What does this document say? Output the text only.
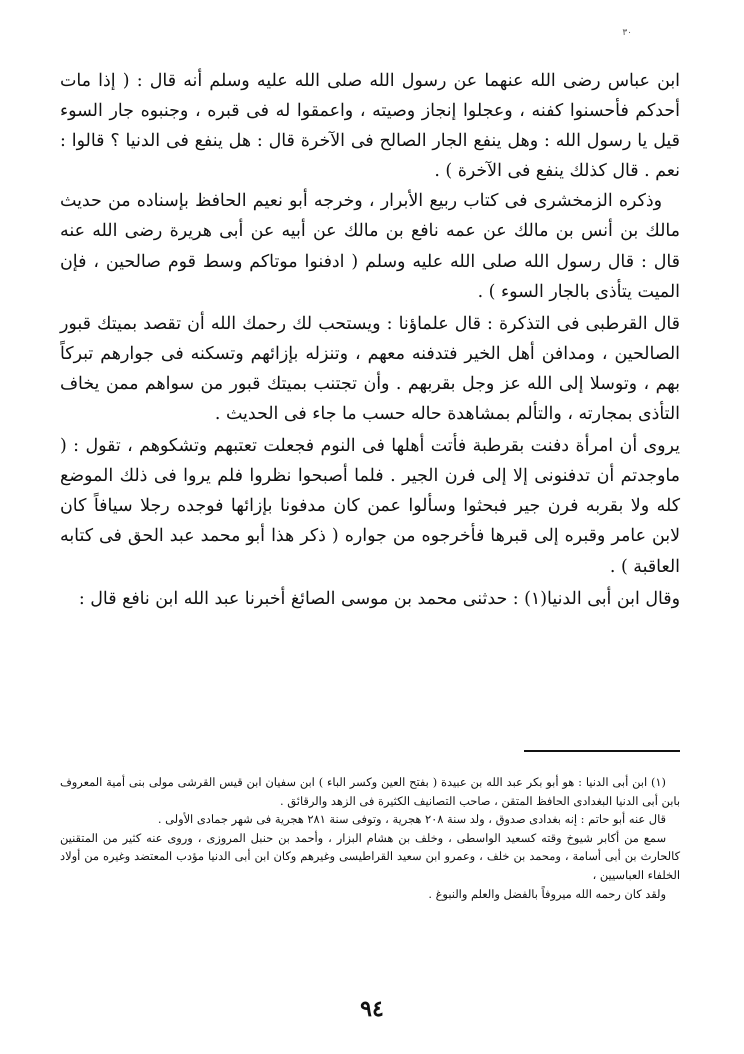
٣٠

ابن عباس رضى الله عنهما عن رسول الله صلى الله عليه وسلم أنه قال : ( إذا مات أحدكم فأحسنوا كفنه ، وعجلوا إنجاز وصيته ، واعمقوا له فى قبره ، وجنبوه جار السوء قيل يا رسول الله : وهل ينفع الجار الصالح فى الآخرة قال : هل ينفع فى الدنيا ؟ قالوا : نعم . قال كذلك ينفع فى الآخرة ) .

وذكره الزمخشرى فى كتاب ربيع الأبرار ، وخرجه أبو نعيم الحافظ بإسناده من حديث مالك بن أنس بن مالك عن عمه نافع بن مالك عن أبيه عن أبى هريرة رضى الله عنه قال : قال رسول الله صلى الله عليه وسلم ( ادفنوا موتاكم وسط قوم صالحين ، فإن الميت يتأذى بالجار السوء ) .

قال القرطبى فى التذكرة : قال علماؤنا : ويستحب لك رحمك الله أن تقصد بميتك قبور الصالحين ، ومدافن أهل الخير فتدفنه معهم ، وتنزله بإزائهم وتسكنه فى جوارهم تبركاً بهم ، وتوسلا إلى الله عز وجل بقربهم . وأن تجتنب بميتك قبور من سواهم ممن يخاف التأذى بمجارته ، والتألم بمشاهدة حاله حسب ما جاء فى الحديث .

يروى أن امرأة دفنت بقرطبة فأتت أهلها فى النوم فجعلت تعتبهم وتشكوهم ، تقول : ( ماوجدتم أن تدفنونى إلا إلى فرن الجير . فلما أصبحوا نظروا فلم يروا فى ذلك الموضع كله ولا بقربه فرن جير فبحثوا وسألوا عمن كان مدفونا بإزائها فوجده رجلا سيافاً كان لابن عامر وقبره إلى قبرها فأخرجوه من جواره ( ذكر هذا أبو محمد عبد الحق فى كتابه العاقبة ) .

وقال ابن أبى الدنيا(١) : حدثنى محمد بن موسى الصائغ أخبرنا عبد الله ابن نافع قال :

(١) ابن أبى الدنيا : هو أبو بكر عبد الله بن عبيدة ( بفتح العين وكسر الباء ) ابن سفيان ابن قيس القرشى مولى بنى أمية المعروف بابن أبى الدنيا البغدادى الحافظ المتقن ، صاحب التصانيف الكثيرة فى الزهد والرقائق .

قال عنه أبو حاتم : إنه بغدادى صدوق ، ولد سنة ٢٠٨ هجرية ، وتوفى سنة ٢٨١ هجرية فى شهر جمادى الأولى .

سمع من أكابر شيوخ وقته كسعيد الواسطى ، وخلف بن هشام البزار ، وأحمد بن حنبل المروزى ، وروى عنه كثير من المتقنين كالحارث بن أبى أسامة ، ومحمد بن خلف ، وعمرو ابن سعيد القراطيسى وغيرهم وكان ابن أبى الدنيا مؤدب المعتضد وغيره من أولاد الخلفاء العباسيين ،

ولقد كان رحمه الله ميروفاً بالفضل والعلم والنبوغ .

٩٤
